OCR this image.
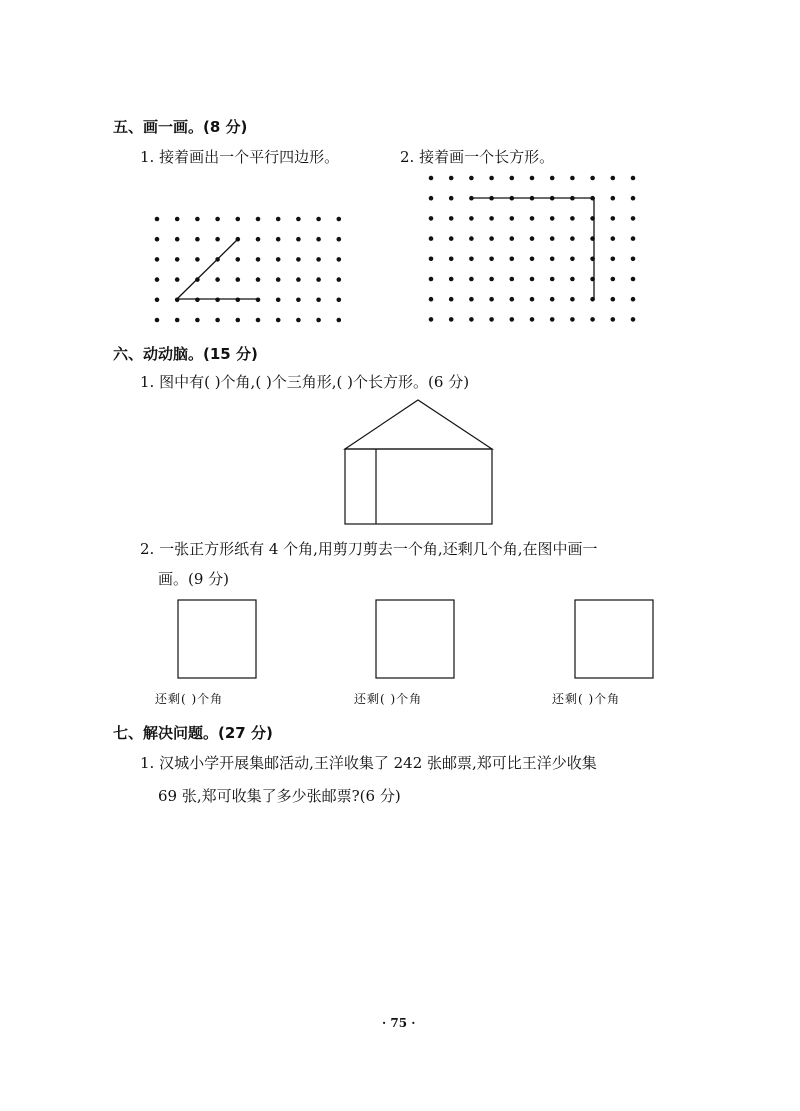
五、画一画。(8 分)
1. 接着画出一个平行四边形。	2. 接着画一个长方形。
六、动动脑。(15 分)
1. 图中有( )个角,( )个三角形,( )个长方形。(6 分)
2. 一张正方形纸有 4 个角,用剪刀剪去一个角,还剩几个角,在图中画一
画。(9 分)
还剩( )个角	还剩( )个角	还剩( )个角
七、解决问题。(27 分)
1. 汉城小学开展集邮活动,王洋收集了 242 张邮票,郑可比王洋少收集
69 张,郑可收集了多少张邮票?(6 分)
· 75 ·
